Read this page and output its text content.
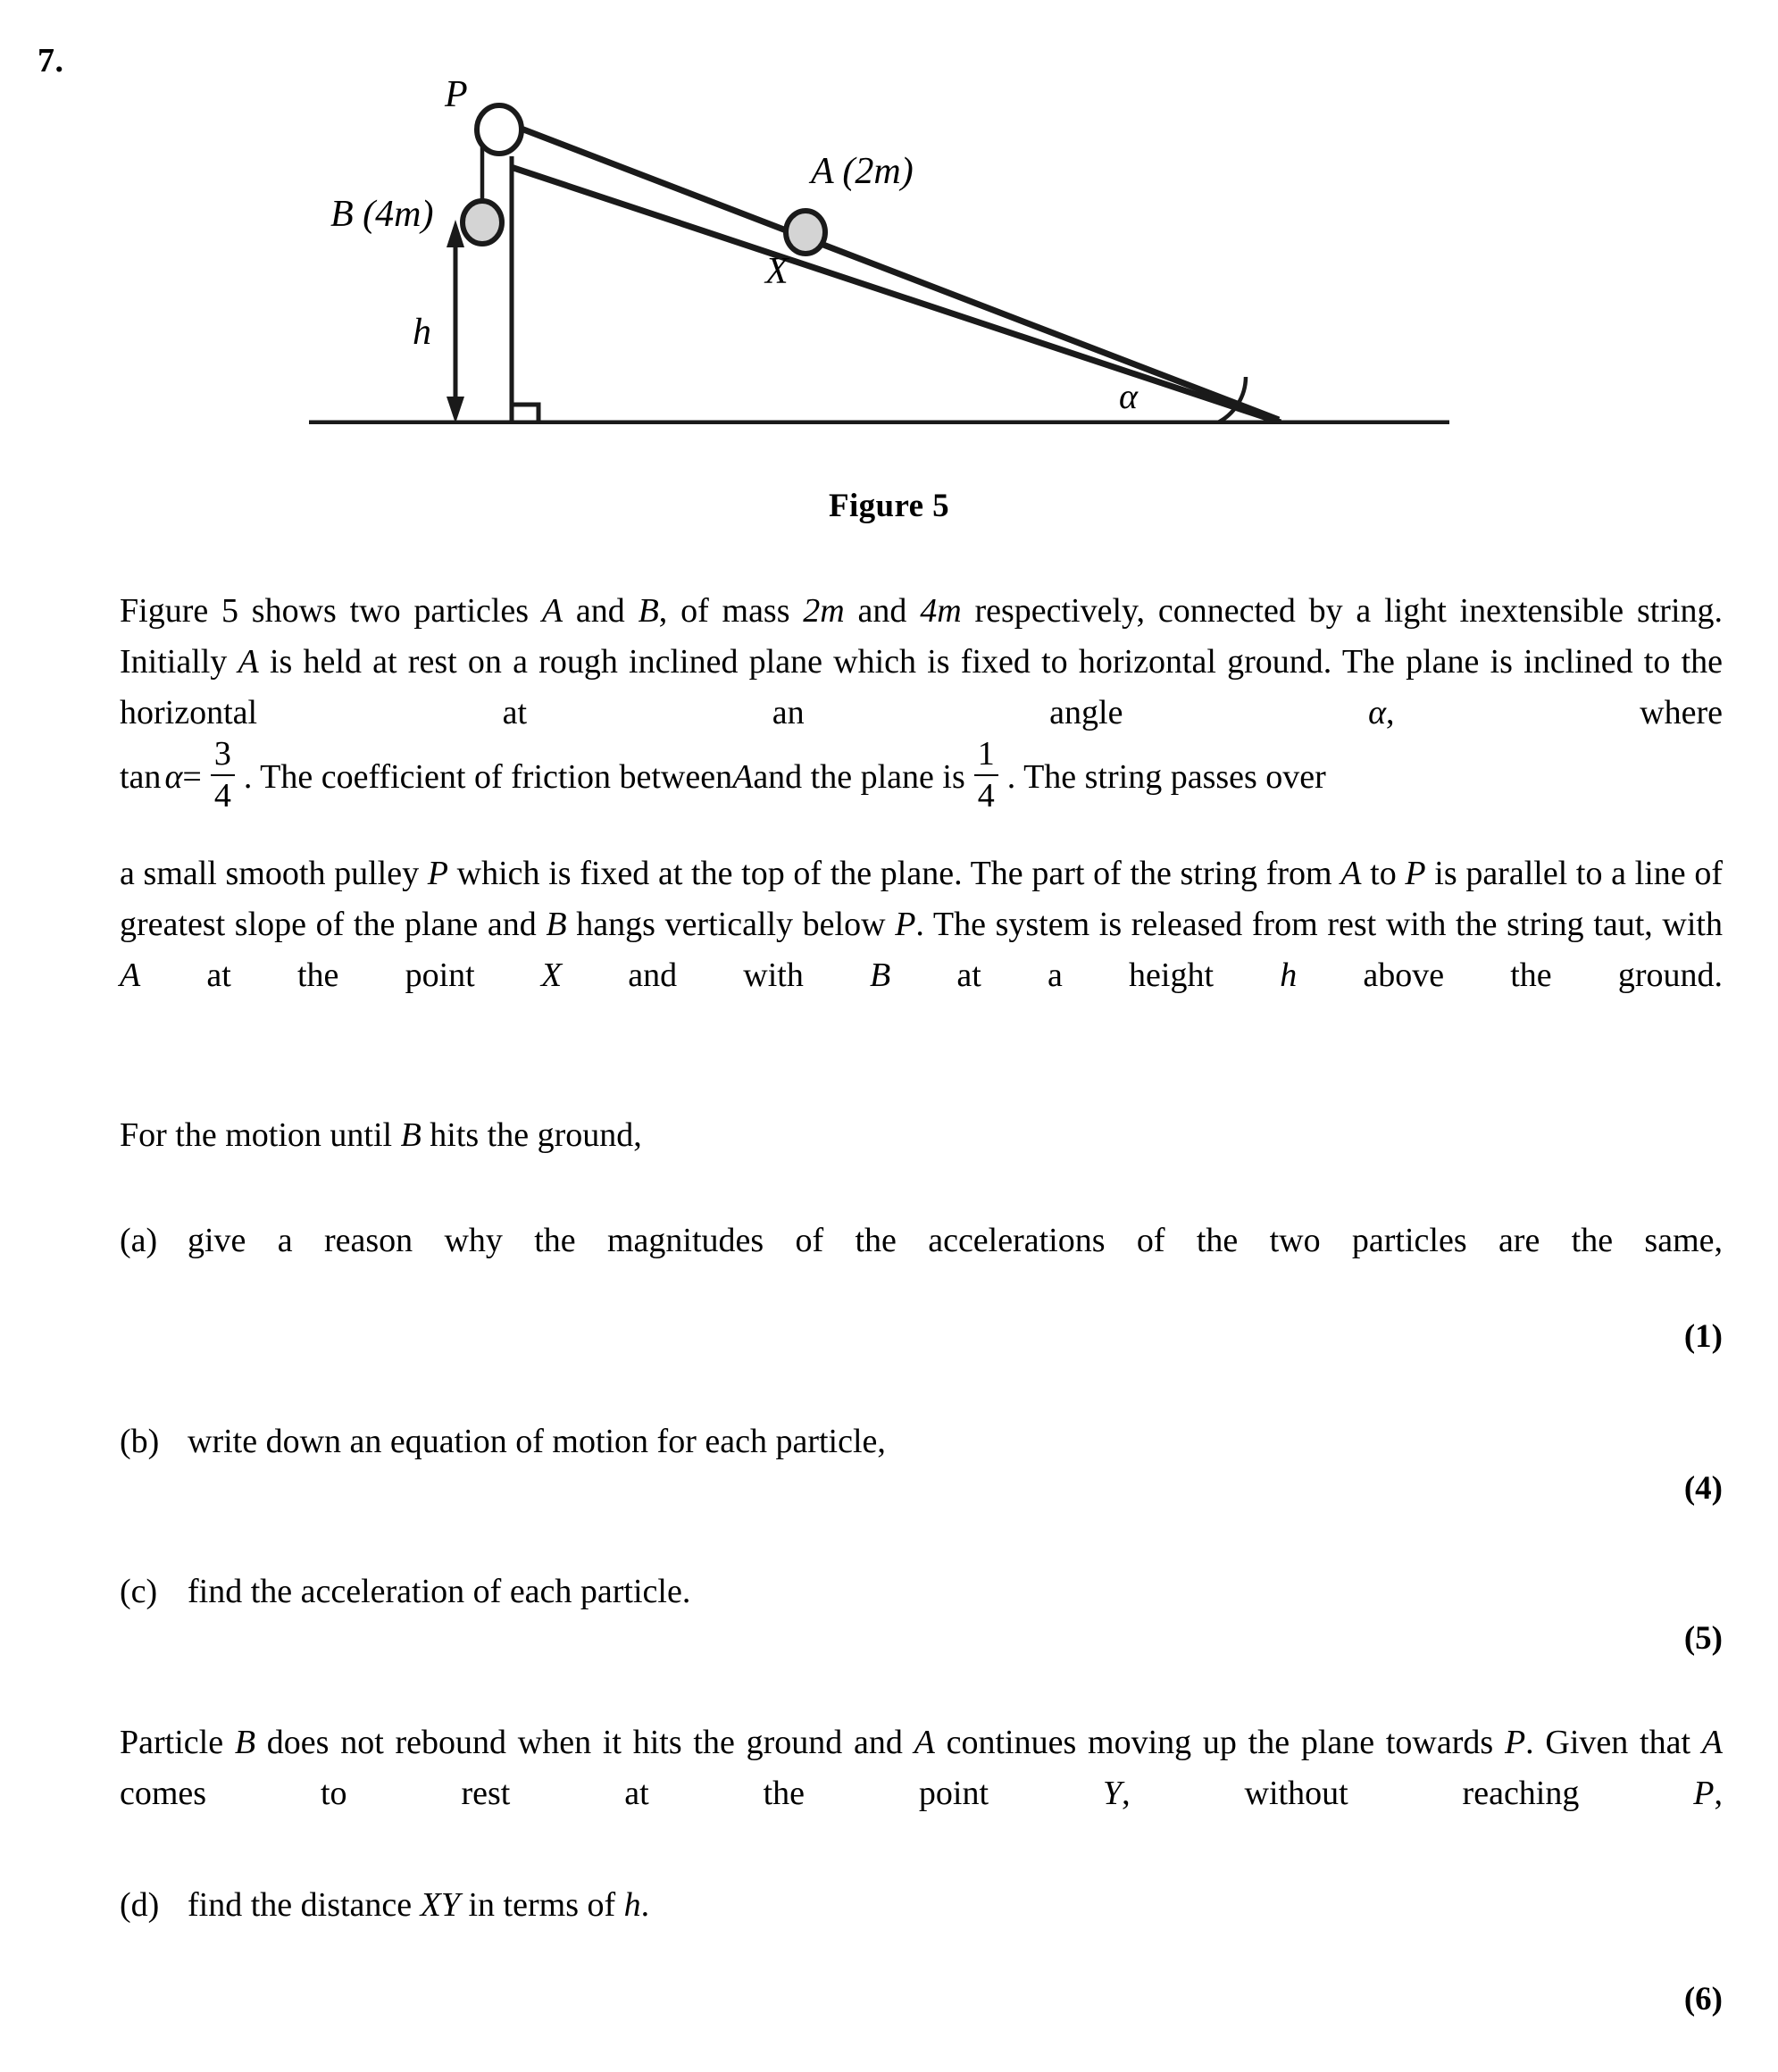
7.
P
B (4m)
A (2m)
X
h
α
Figure 5
Figure 5 shows two particles A and B, of mass 2m and 4m respectively, connected by a light inextensible string. Initially A is held at rest on a rough inclined plane which is fixed to horizontal ground. The plane is inclined to the horizontal at an angle α, where
$\tan \alpha = \frac{3}{4}$ . The coefficient of friction between A and the plane is $\frac{1}{4}$ . The string passes over
a small smooth pulley P which is fixed at the top of the plane. The part of the string from A to P is parallel to a line of greatest slope of the plane and B hangs vertically below P. The system is released from rest with the string taut, with A at the point X and with B at a height h above the ground.
For the motion until B hits the ground,
(a) give a reason why the magnitudes of the accelerations of the two particles are the same,
(1)
(b) write down an equation of motion for each particle,
(4)
(c) find the acceleration of each particle.
(5)
Particle B does not rebound when it hits the ground and A continues moving up the plane towards P. Given that A comes to rest at the point Y, without reaching P,
(d) find the distance XY in terms of h.
(6)
